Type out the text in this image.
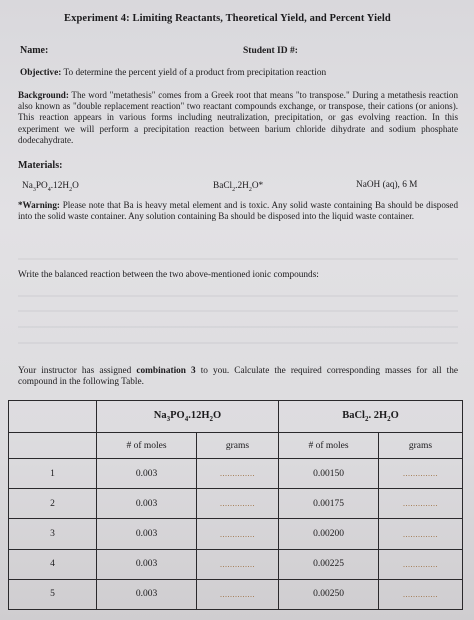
Experiment 4: Limiting Reactants, Theoretical Yield, and Percent Yield
Name:	Student ID #:
Objective: To determine the percent yield of a product from precipitation reaction
Background: The word "metathesis" comes from a Greek root that means "to transpose." During a metathesis reaction also known as "double replacement reaction" two reactant compounds exchange, or transpose, their cations (or anions). This reaction appears in various forms including neutralization, precipitation, or gas evolving reaction. In this experiment we will perform a precipitation reaction between barium chloride dihydrate and sodium phosphate dodecahydrate.
Materials:
$Na_3PO_4.12H_2O$	$BaCl_2.2H_2O*$	NaOH (aq), 6 M
*Warning: Please note that Ba is heavy metal element and is toxic. Any solid waste containing Ba should be disposed into the solid waste container. Any solution containing Ba should be disposed into the liquid waste container.
Write the balanced reaction between the two above-mentioned ionic compounds:
Your instructor has assigned combination 3 to you. Calculate the required corresponding masses for all the compound in the following Table.
	$Na_3PO_4.12H_2O$		BaCl$_2$. $2H_2O$	
	# of moles	grams	# of moles	grams
1	0.003	..............	0.00150	..............
2	0.003	..............	0.00175	..............
3	0.003	..............	0.00200	..............
4	0.003	..............	0.00225	..............
5	0.003	..............	0.00250	..............
